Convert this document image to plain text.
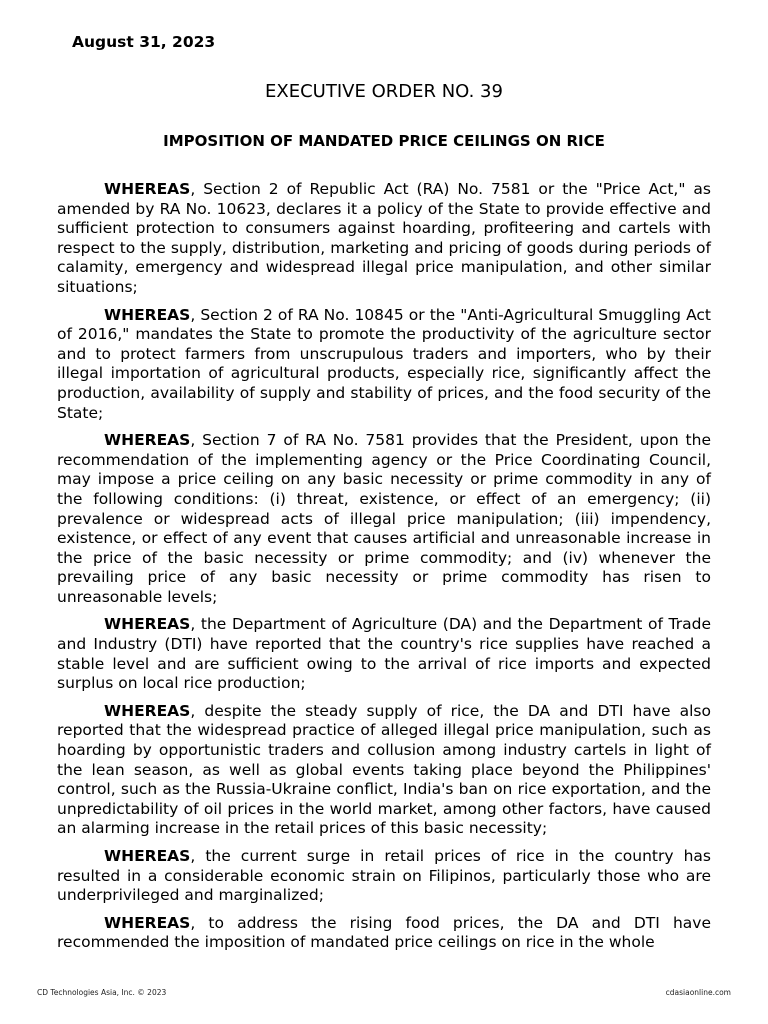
August 31, 2023
EXECUTIVE ORDER NO. 39
IMPOSITION OF MANDATED PRICE CEILINGS ON RICE

WHEREAS, Section 2 of Republic Act (RA) No. 7581 or the "Price Act," as amended by RA No. 10623, declares it a policy of the State to provide effective and sufficient protection to consumers against hoarding, profiteering and cartels with respect to the supply, distribution, marketing and pricing of goods during periods of calamity, emergency and widespread illegal price manipulation, and other similar situations;

WHEREAS, Section 2 of RA No. 10845 or the "Anti-Agricultural Smuggling Act of 2016," mandates the State to promote the productivity of the agriculture sector and to protect farmers from unscrupulous traders and importers, who by their illegal importation of agricultural products, especially rice, significantly affect the production, availability of supply and stability of prices, and the food security of the State;

WHEREAS, Section 7 of RA No. 7581 provides that the President, upon the recommendation of the implementing agency or the Price Coordinating Council, may impose a price ceiling on any basic necessity or prime commodity in any of the following conditions: (i) threat, existence, or effect of an emergency; (ii) prevalence or widespread acts of illegal price manipulation; (iii) impendency, existence, or effect of any event that causes artificial and unreasonable increase in the price of the basic necessity or prime commodity; and (iv) whenever the prevailing price of any basic necessity or prime commodity has risen to unreasonable levels;

WHEREAS, the Department of Agriculture (DA) and the Department of Trade and Industry (DTI) have reported that the country's rice supplies have reached a stable level and are sufficient owing to the arrival of rice imports and expected surplus on local rice production;

WHEREAS, despite the steady supply of rice, the DA and DTI have also reported that the widespread practice of alleged illegal price manipulation, such as hoarding by opportunistic traders and collusion among industry cartels in light of the lean season, as well as global events taking place beyond the Philippines' control, such as the Russia-Ukraine conflict, India's ban on rice exportation, and the unpredictability of oil prices in the world market, among other factors, have caused an alarming increase in the retail prices of this basic necessity;

WHEREAS, the current surge in retail prices of rice in the country has resulted in a considerable economic strain on Filipinos, particularly those who are underprivileged and marginalized;

WHEREAS, to address the rising food prices, the DA and DTI have recommended the imposition of mandated price ceilings on rice in the whole

CD Technologies Asia, Inc. © 2023	cdasiaonline.com
